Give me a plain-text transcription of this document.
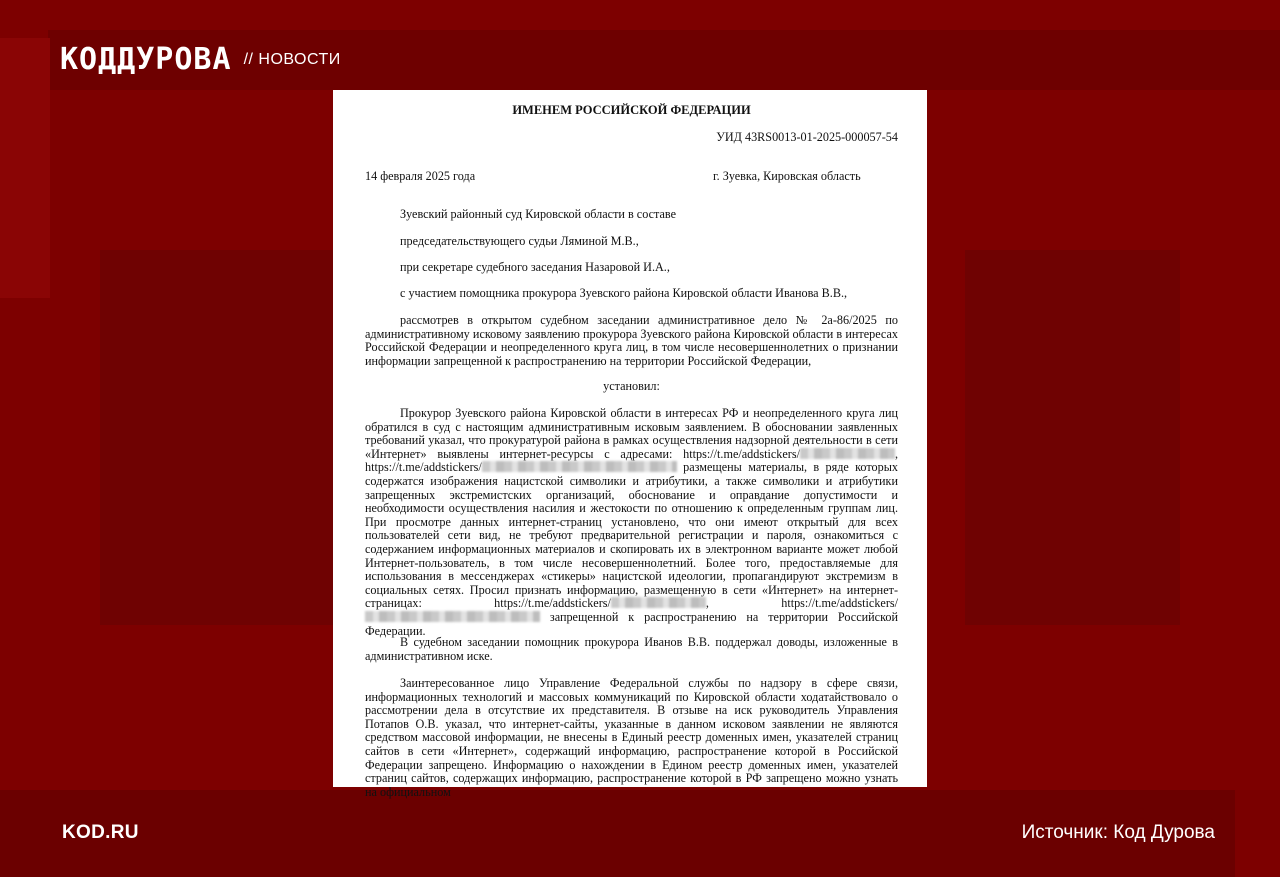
КОДДУРОВА // НОВОСТИ
ИМЕНЕМ РОССИЙСКОЙ ФЕДЕРАЦИИ
УИД 43RS0013-01-2025-000057-54
14 февраля 2025 года	г. Зуевка, Кировская область
Зуевский районный суд Кировской области в составе
председательствующего судьи Ляминой М.В.,
при секретаре судебного заседания Назаровой И.А.,
с участием помощника прокурора Зуевского района Кировской области Иванова В.В.,
рассмотрев в открытом судебном заседании административное дело № 2а-86/2025 по административному исковому заявлению прокурора Зуевского района Кировской области в интересах Российской Федерации и неопределенного круга лиц, в том числе несовершеннолетних о признании информации запрещенной к распространению на территории Российской Федерации,
установил:
Прокурор Зуевского района Кировской области в интересах РФ и неопределенного круга лиц обратился в суд с настоящим административным исковым заявлением. В обосновании заявленных требований указал, что прокуратурой района в рамках осуществления надзорной деятельности в сети «Интернет» выявлены интернет-ресурсы с адресами: https://t.me/addstickers/	, https://t.me/addstickers/	размещены материалы, в ряде которых содержатся изображения нацистской символики и атрибутики, а также символики и атрибутики запрещенных экстремистских организаций, обоснование и оправдание допустимости и необходимости осуществления насилия и жестокости по отношению к определенным группам лиц. При просмотре данных интернет-страниц установлено, что они имеют открытый для всех пользователей сети вид, не требуют предварительной регистрации и пароля, ознакомиться с содержанием информационных материалов и скопировать их в электронном варианте может любой Интернет-пользователь, в том числе несовершеннолетний. Более того, предоставляемые для использования в мессенджерах «стикеры» нацистской идеологии, пропагандируют экстремизм в социальных сетях. Просил признать информацию, размещенную в сети «Интернет» на интернет-страницах: https://t.me/addstickers/	, https://t.me/addstickers/ запрещенной к распространению на территории Российской Федерации.
В судебном заседании помощник прокурора Иванов В.В. поддержал доводы, изложенные в административном иске.
Заинтересованное лицо Управление Федеральной службы по надзору в сфере связи, информационных технологий и массовых коммуникаций по Кировской области ходатайствовало о рассмотрении дела в отсутствие их представителя. В отзыве на иск руководитель Управления Потапов О.В. указал, что интернет-сайты, указанные в данном исковом заявлении не являются средством массовой информации, не внесены в Единый реестр доменных имен, указателей страниц сайтов в сети «Интернет», содержащий информацию, распространение которой в Российской Федерации запрещено. Информацию о нахождении в Едином реестр доменных имен, указателей страниц сайтов, содержащих информацию, распространение которой в РФ запрещено можно узнать на официальном
KOD.RU	Источник: Код Дурова
